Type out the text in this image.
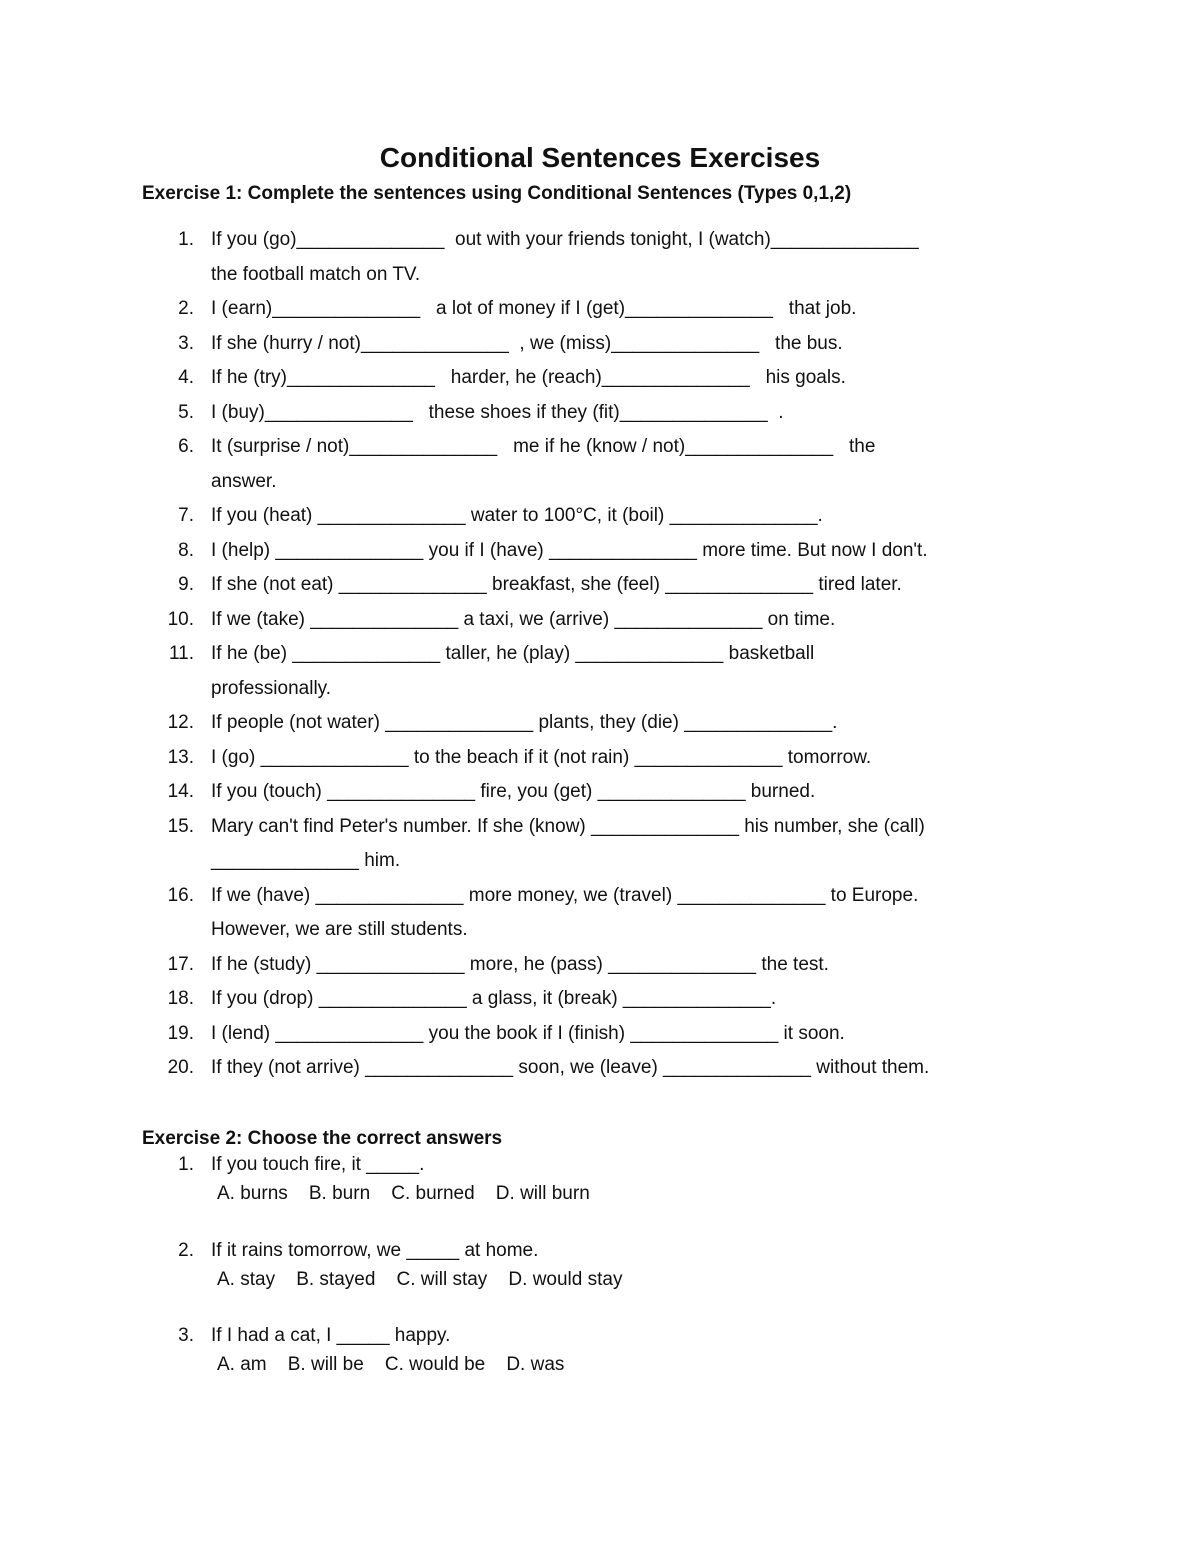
Conditional Sentences Exercises
Exercise 1: Complete the sentences using Conditional Sentences (Types 0,1,2)
1. If you (go)______________  out with your friends tonight, I (watch)______________
the football match on TV.
2. I (earn)______________   a lot of money if I (get)______________   that job.
3. If she (hurry / not)______________  , we (miss)______________   the bus.
4. If he (try)______________   harder, he (reach)______________   his goals.
5. I (buy)______________   these shoes if they (fit)______________  .
6. It (surprise / not)______________   me if he (know / not)______________   the
answer.
7. If you (heat) ______________ water to 100°C, it (boil) ______________.
8. I (help) ______________ you if I (have) ______________ more time. But now I don't.
9. If she (not eat) ______________ breakfast, she (feel) ______________ tired later.
10. If we (take) ______________ a taxi, we (arrive) ______________ on time.
11. If he (be) ______________ taller, he (play) ______________ basketball
professionally.
12. If people (not water) ______________ plants, they (die) ______________.
13. I (go) ______________ to the beach if it (not rain) ______________ tomorrow.
14. If you (touch) ______________ fire, you (get) ______________ burned.
15. Mary can't find Peter's number. If she (know) ______________ his number, she (call)
______________ him.
16. If we (have) ______________ more money, we (travel) ______________ to Europe.
However, we are still students.
17. If he (study) ______________ more, he (pass) ______________ the test.
18. If you (drop) ______________ a glass, it (break) ______________.
19. I (lend) ______________ you the book if I (finish) ______________ it soon.
20. If they (not arrive) ______________ soon, we (leave) ______________ without them.
Exercise 2: Choose the correct answers
1. If you touch fire, it _____.
A. burns    B. burn    C. burned    D. will burn
2. If it rains tomorrow, we _____ at home.
A. stay    B. stayed    C. will stay    D. would stay
3. If I had a cat, I _____ happy.
A. am    B. will be    C. would be    D. was
